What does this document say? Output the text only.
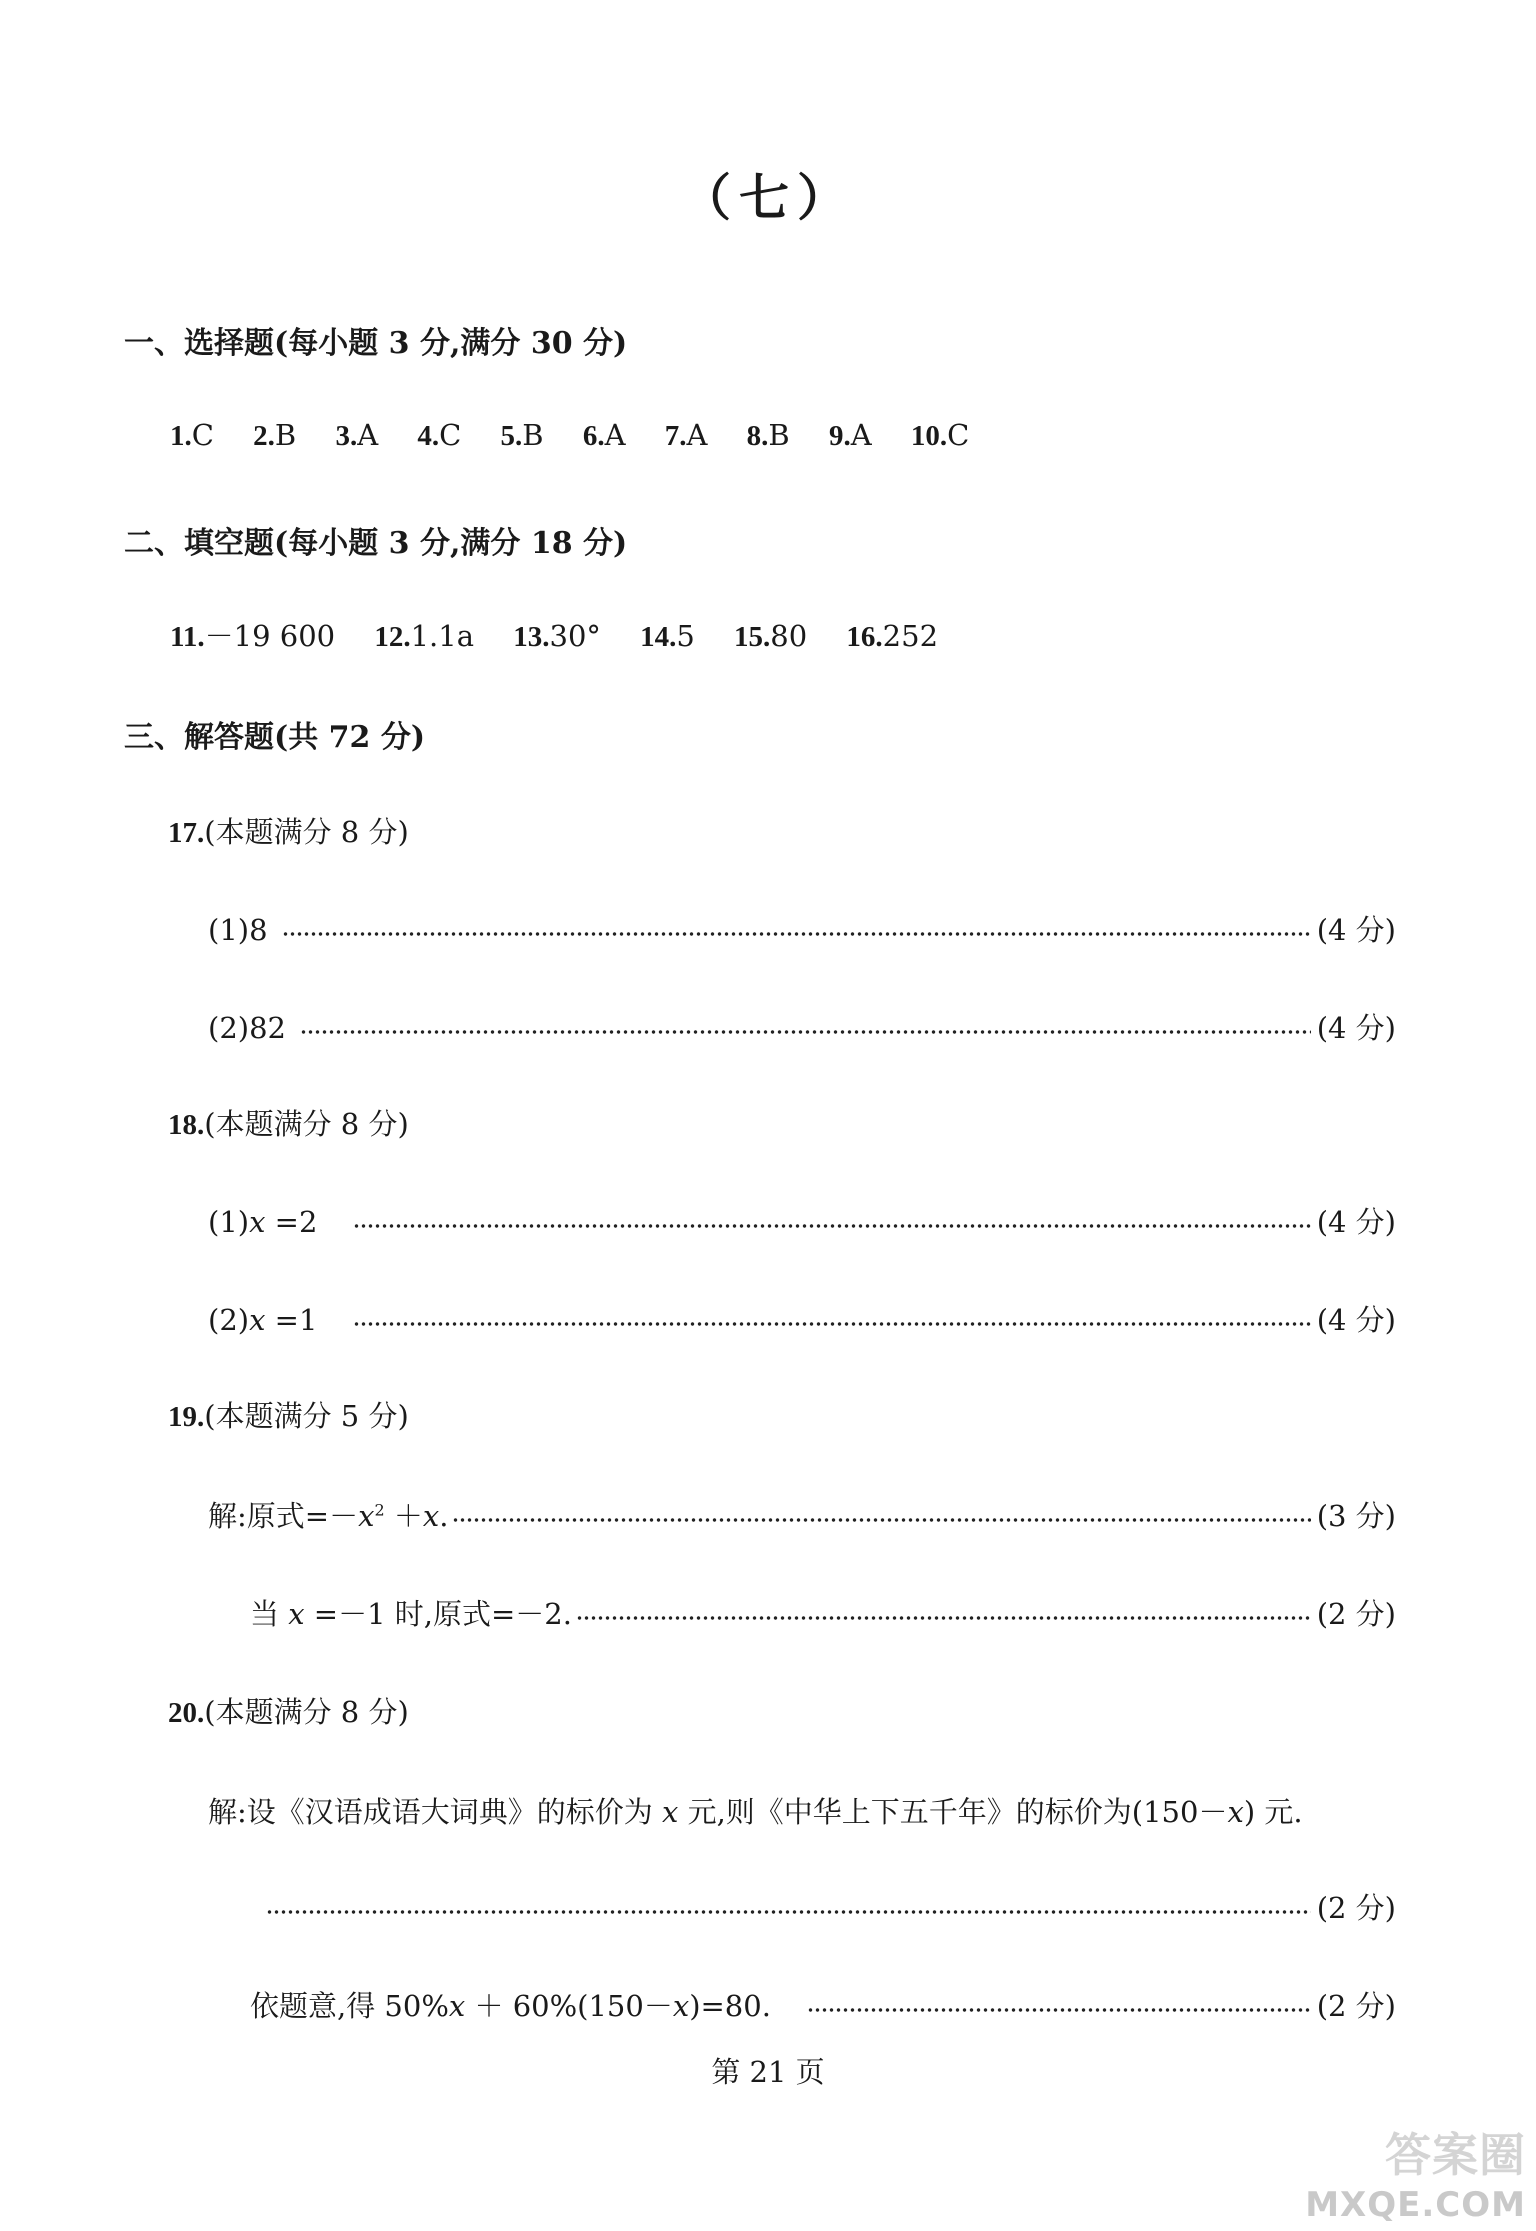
（七）
一、选择题(每小题 3 分,满分 30 分)
1.C 2.B 3.A 4.C 5.B 6.A 7.A 8.B 9.A 10.C
二、填空题(每小题 3 分,满分 18 分)
11.－19 600 12.1.1a 13.30° 14.5 15.80 16.252
三、解答题(共 72 分)
17.(本题满分 8 分)
(1)8	(4 分)
(2)82	(4 分)
18.(本题满分 8 分)
(1)x =2	(4 分)
(2)x =1	(4 分)
19.(本题满分 5 分)
解:原式$=-x^2 +x$.	(3 分)
当 x =－1 时,原式=－2.	(2 分)
20.(本题满分 8 分)
解:设《汉语成语大词典》的标价为 x 元,则《中华上下五千年》的标价为(150－x) 元.
(2 分)
依题意,得 50%x ＋ 60%(150－x)=80.	(2 分)
第 21 页
答案圈
MXQE.COM
